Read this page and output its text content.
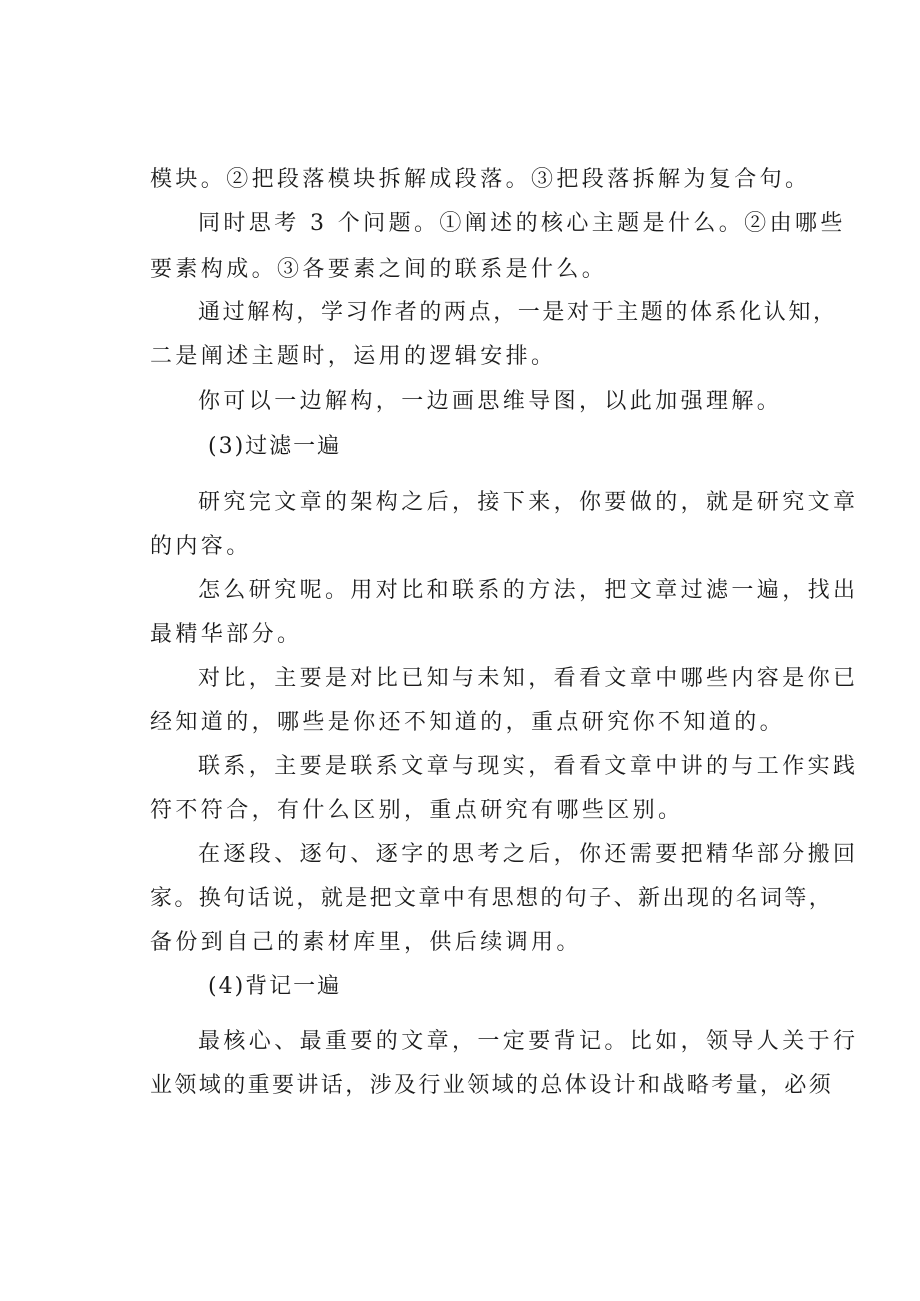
模块。②把段落模块拆解成段落。③把段落拆解为复合句。
同时思考 3 个问题。①阐述的核心主题是什么。②由哪些
要素构成。③各要素之间的联系是什么。
通过解构，学习作者的两点，一是对于主题的体系化认知，
二是阐述主题时，运用的逻辑安排。
你可以一边解构，一边画思维导图，以此加强理解。
(3)过滤一遍
研究完文章的架构之后，接下来，你要做的，就是研究文章
的内容。
怎么研究呢。用对比和联系的方法，把文章过滤一遍，找出
最精华部分。
对比，主要是对比已知与未知，看看文章中哪些内容是你已
经知道的，哪些是你还不知道的，重点研究你不知道的。
联系，主要是联系文章与现实，看看文章中讲的与工作实践
符不符合，有什么区别，重点研究有哪些区别。
在逐段、逐句、逐字的思考之后，你还需要把精华部分搬回
家。换句话说，就是把文章中有思想的句子、新出现的名词等，
备份到自己的素材库里，供后续调用。
(4)背记一遍
最核心、最重要的文章，一定要背记。比如，领导人关于行
业领域的重要讲话，涉及行业领域的总体设计和战略考量，必须
